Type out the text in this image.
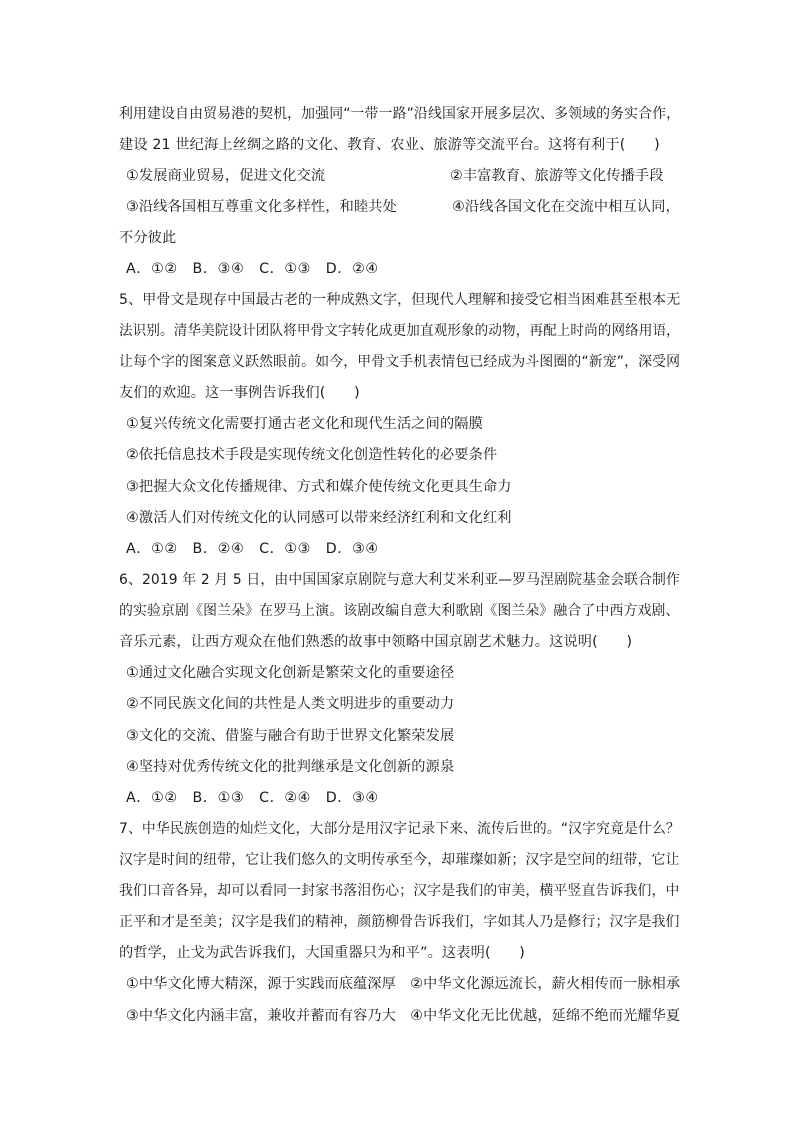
利用建设自由贸易港的契机，加强同“一带一路”沿线国家开展多层次、多领域的务实合作，
建设 21 世纪海上丝绸之路的文化、教育、农业、旅游等交流平台。这将有利于(　　)
①发展商业贸易，促进文化交流	②丰富教育、旅游等文化传播手段
③沿线各国相互尊重文化多样性，和睦共处	④沿线各国文化在交流中相互认同，
不分彼此
A．①②　B．③④　C．①③　D．②④
5、甲骨文是现存中国最古老的一种成熟文字，但现代人理解和接受它相当困难甚至根本无
法识别。清华美院设计团队将甲骨文字转化成更加直观形象的动物，再配上时尚的网络用语，
让每个字的图案意义跃然眼前。如今，甲骨文手机表情包已经成为斗图圈的“新宠”，深受网
友们的欢迎。这一事例告诉我们(　　)
①复兴传统文化需要打通古老文化和现代生活之间的隔膜
②依托信息技术手段是实现传统文化创造性转化的必要条件
③把握大众文化传播规律、方式和媒介使传统文化更具生命力
④激活人们对传统文化的认同感可以带来经济红利和文化红利
A．①②　B．②④　C．①③　D．③④
6、2019 年 2 月 5 日，由中国国家京剧院与意大利艾米利亚—罗马涅剧院基金会联合制作
的实验京剧《图兰朵》在罗马上演。该剧改编自意大利歌剧《图兰朵》融合了中西方戏剧、
音乐元素，让西方观众在他们熟悉的故事中领略中国京剧艺术魅力。这说明(　　)
①通过文化融合实现文化创新是繁荣文化的重要途径
②不同民族文化间的共性是人类文明进步的重要动力
③文化的交流、借鉴与融合有助于世界文化繁荣发展
④坚持对优秀传统文化的批判继承是文化创新的源泉
A．①②　B．①③　C．②④　D．③④
7、中华民族创造的灿烂文化，大部分是用汉字记录下来、流传后世的。“汉字究竟是什么？
汉字是时间的纽带，它让我们悠久的文明传承至今，却璀璨如新；汉字是空间的纽带，它让
我们口音各异，却可以看同一封家书落泪伤心；汉字是我们的审美，横平竖直告诉我们，中
正平和才是至美；汉字是我们的精神，颜筋柳骨告诉我们，字如其人乃是修行；汉字是我们
的哲学，止戈为武告诉我们，大国重器只为和平”。这表明(　　)
①中华文化博大精深，源于实践而底蕴深厚　②中华文化源远流长，薪火相传而一脉相承
③中华文化内涵丰富，兼收并蓄而有容乃大　④中华文化无比优越，延绵不绝而光耀华夏
